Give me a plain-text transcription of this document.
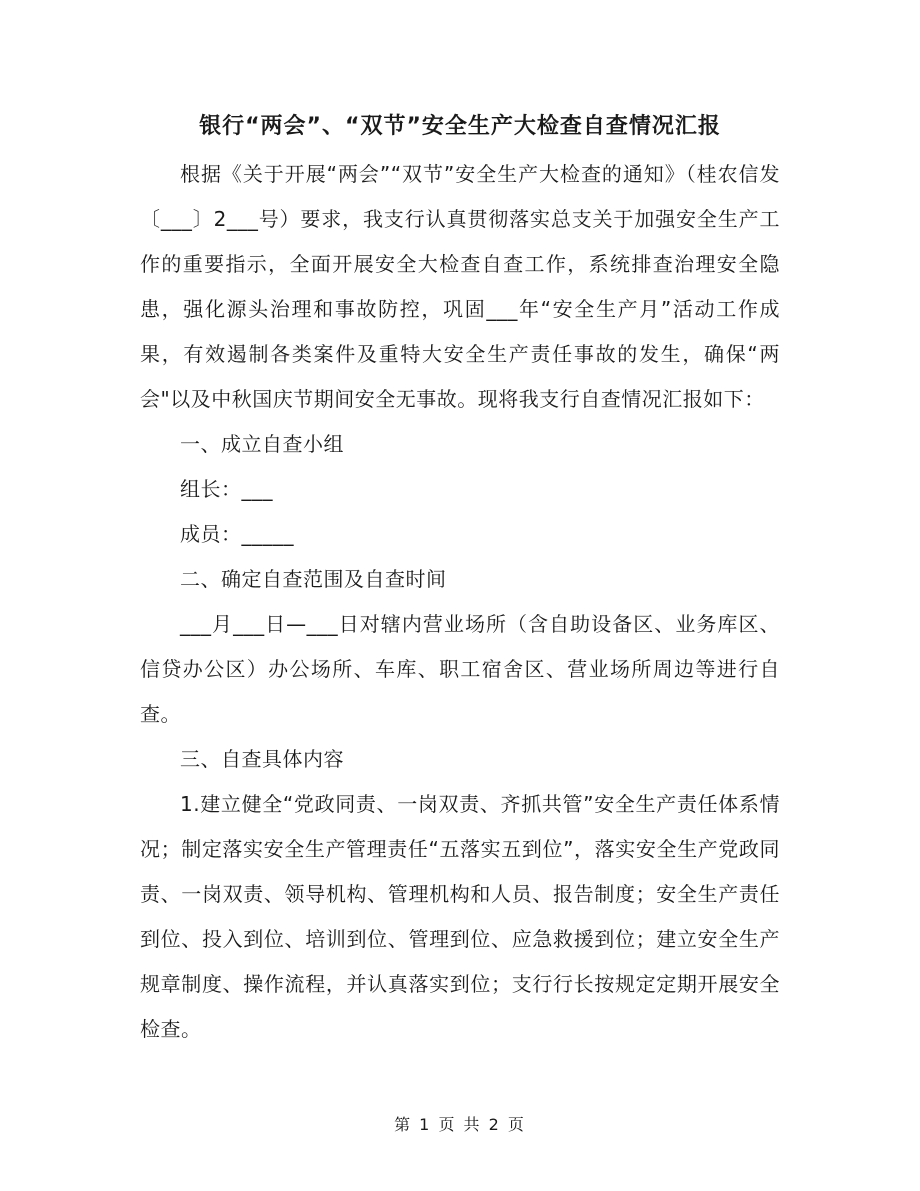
银行“两会”、“双节”安全生产大检查自查情况汇报

根据《关于开展“两会”“双节”安全生产大检查的通知》（桂农信发〔___〕2___号）要求，我支行认真贯彻落实总支关于加强安全生产工作的重要指示，全面开展安全大检查自查工作，系统排查治理安全隐患，强化源头治理和事故防控，巩固___年“安全生产月”活动工作成果，有效遏制各类案件及重特大安全生产责任事故的发生，确保“两会"以及中秋国庆节期间安全无事故。现将我支行自查情况汇报如下：

一、成立自查小组

组长：___

成员：_____

二、确定自查范围及自查时间

___月___日—___日对辖内营业场所（含自助设备区、业务库区、信贷办公区）办公场所、车库、职工宿舍区、营业场所周边等进行自查。

三、自查具体内容

1.建立健全“党政同责、一岗双责、齐抓共管”安全生产责任体系情况；制定落实安全生产管理责任“五落实五到位”，落实安全生产党政同责、一岗双责、领导机构、管理机构和人员、报告制度；安全生产责任到位、投入到位、培训到位、管理到位、应急救援到位；建立安全生产规章制度、操作流程，并认真落实到位；支行行长按规定定期开展安全检查。

第 1 页 共 2 页
